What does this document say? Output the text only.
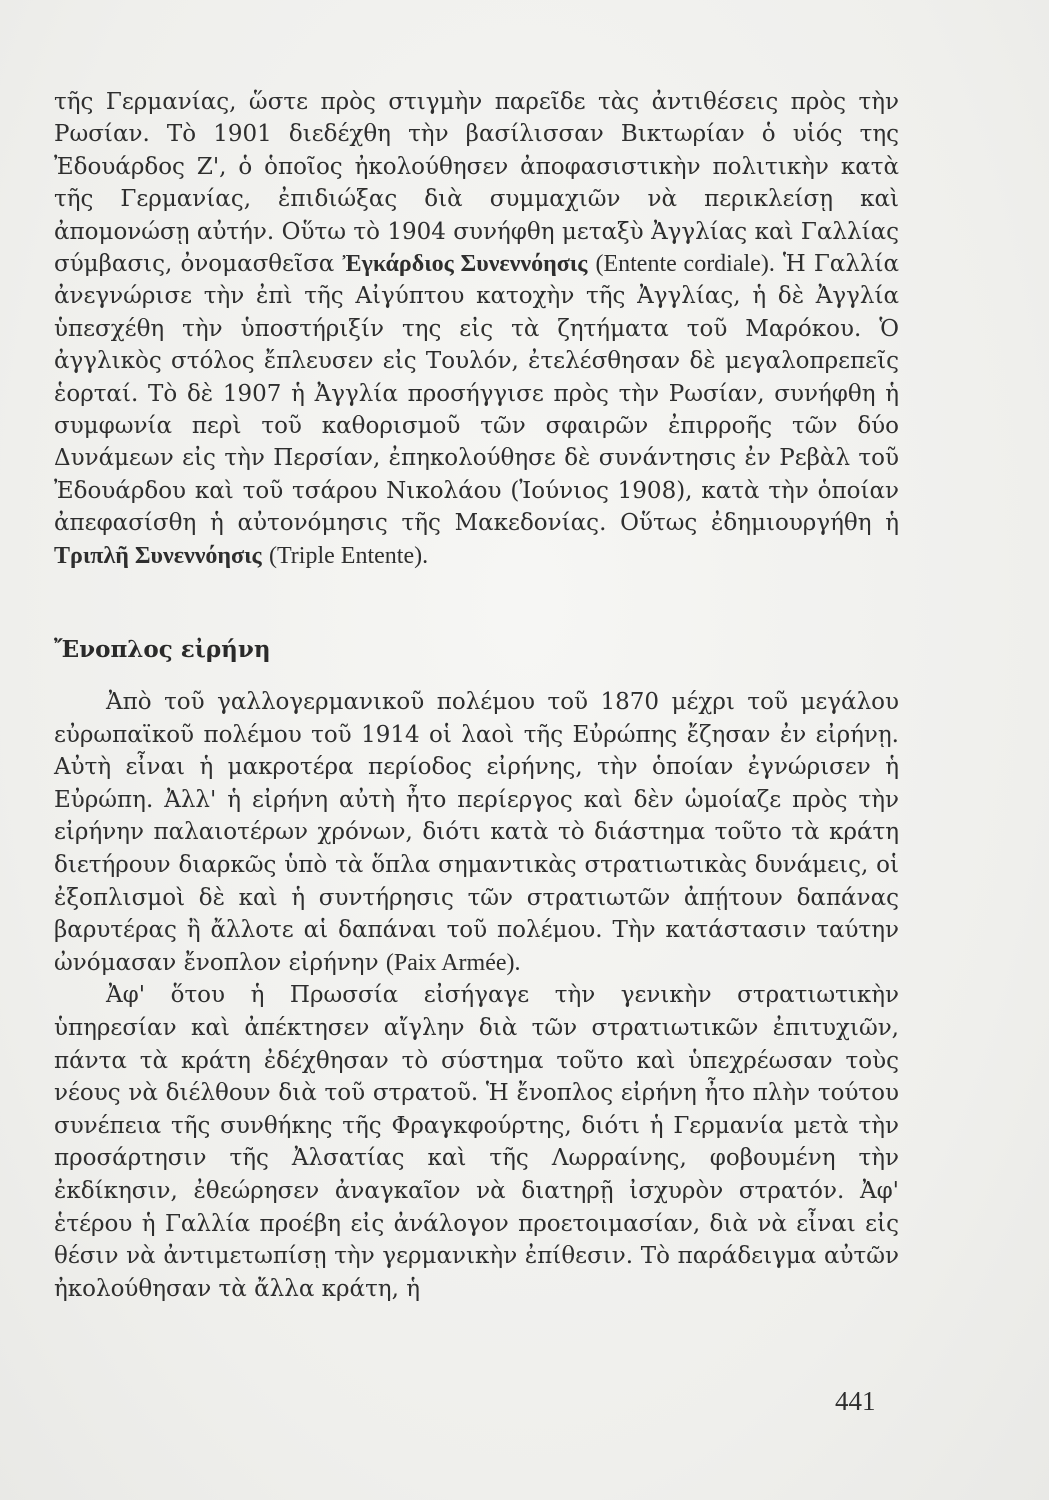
τῆς Γερμανίας, ὥστε πρὸς στιγμὴν παρεῖδε τὰς ἀντιθέσεις πρὸς τὴν Ρωσίαν. Τὸ 1901 διεδέχθη τὴν βασίλισσαν Βικτωρίαν ὁ υἱός της Ἐδουάρδος Ζ', ὁ ὁποῖος ἠκολούθησεν ἀποφασιστικὴν πολιτικὴν κατὰ τῆς Γερμανίας, ἐπιδιώξας διὰ συμμαχιῶν νὰ περικλείσῃ καὶ ἀπομονώσῃ αὐτήν. Οὕτω τὸ 1904 συνήφθη μεταξὺ Ἀγγλίας καὶ Γαλλίας σύμβασις, ὀνομασθεῖσα Ἐγκάρδιος Συνεννόησις (Entente cordiale). Ἡ Γαλλία ἀνεγνώρισε τὴν ἐπὶ τῆς Αἰγύπτου κατοχὴν τῆς Ἀγγλίας, ἡ δὲ Ἀγγλία ὑπεσχέθη τὴν ὑποστήριξίν της εἰς τὰ ζητήματα τοῦ Μαρόκου. Ὁ ἀγγλικὸς στόλος ἔπλευσεν εἰς Τουλόν, ἐτελέσθησαν δὲ μεγαλοπρεπεῖς ἑορταί. Τὸ δὲ 1907 ἡ Ἀγγλία προσήγγισε πρὸς τὴν Ρωσίαν, συνήφθη ἡ συμφωνία περὶ τοῦ καθορισμοῦ τῶν σφαιρῶν ἐπιρροῆς τῶν δύο Δυνάμεων εἰς τὴν Περσίαν, ἐπηκολούθησε δὲ συνάντησις ἐν Ρεβὰλ τοῦ Ἐδουάρδου καὶ τοῦ τσάρου Νικολάου (Ἰούνιος 1908), κατὰ τὴν ὁποίαν ἀπεφασίσθη ἡ αὐτονόμησις τῆς Μακεδονίας. Οὕτως ἐδημιουργήθη ἡ Τριπλῆ Συνεννόησις (Triple Entente).
Ἔνοπλος εἰρήνη
Ἀπὸ τοῦ γαλλογερμανικοῦ πολέμου τοῦ 1870 μέχρι τοῦ μεγάλου εὐρωπαϊκοῦ πολέμου τοῦ 1914 οἱ λαοὶ τῆς Εὐρώπης ἔζησαν ἐν εἰρήνῃ. Αὐτὴ εἶναι ἡ μακροτέρα περίοδος εἰρήνης, τὴν ὁποίαν ἐγνώρισεν ἡ Εὐρώπη. Ἀλλ' ἡ εἰρήνη αὐτὴ ἦτο περίεργος καὶ δὲν ὡμοίαζε πρὸς τὴν εἰρήνην παλαιοτέρων χρόνων, διότι κατὰ τὸ διάστημα τοῦτο τὰ κράτη διετήρουν διαρκῶς ὑπὸ τὰ ὅπλα σημαντικὰς στρατιωτικὰς δυνάμεις, οἱ ἐξοπλισμοὶ δὲ καὶ ἡ συντήρησις τῶν στρατιωτῶν ἀπῄτουν δαπάνας βαρυτέρας ἢ ἄλλοτε αἱ δαπάναι τοῦ πολέμου. Τὴν κατάστασιν ταύτην ὠνόμασαν ἔνοπλον εἰρήνην (Paix Armée).
Ἀφ' ὅτου ἡ Πρωσσία εἰσήγαγε τὴν γενικὴν στρατιωτικὴν ὑπηρεσίαν καὶ ἀπέκτησεν αἴγλην διὰ τῶν στρατιωτικῶν ἐπιτυχιῶν, πάντα τὰ κράτη ἐδέχθησαν τὸ σύστημα τοῦτο καὶ ὑπεχρέωσαν τοὺς νέους νὰ διέλθουν διὰ τοῦ στρατοῦ. Ἡ ἔνοπλος εἰρήνη ἦτο πλὴν τούτου συνέπεια τῆς συνθήκης τῆς Φραγκφούρτης, διότι ἡ Γερμανία μετὰ τὴν προσάρτησιν τῆς Ἀλσατίας καὶ τῆς Λωρραίνης, φοβουμένη τὴν ἐκδίκησιν, ἐθεώρησεν ἀναγκαῖον νὰ διατηρῇ ἰσχυρὸν στρατόν. Ἀφ' ἑτέρου ἡ Γαλλία προέβη εἰς ἀνάλογον προετοιμασίαν, διὰ νὰ εἶναι εἰς θέσιν νὰ ἀντιμετωπίσῃ τὴν γερμανικὴν ἐπίθεσιν. Τὸ παράδειγμα αὐτῶν ἠκολούθησαν τὰ ἄλλα κράτη, ἡ
441
